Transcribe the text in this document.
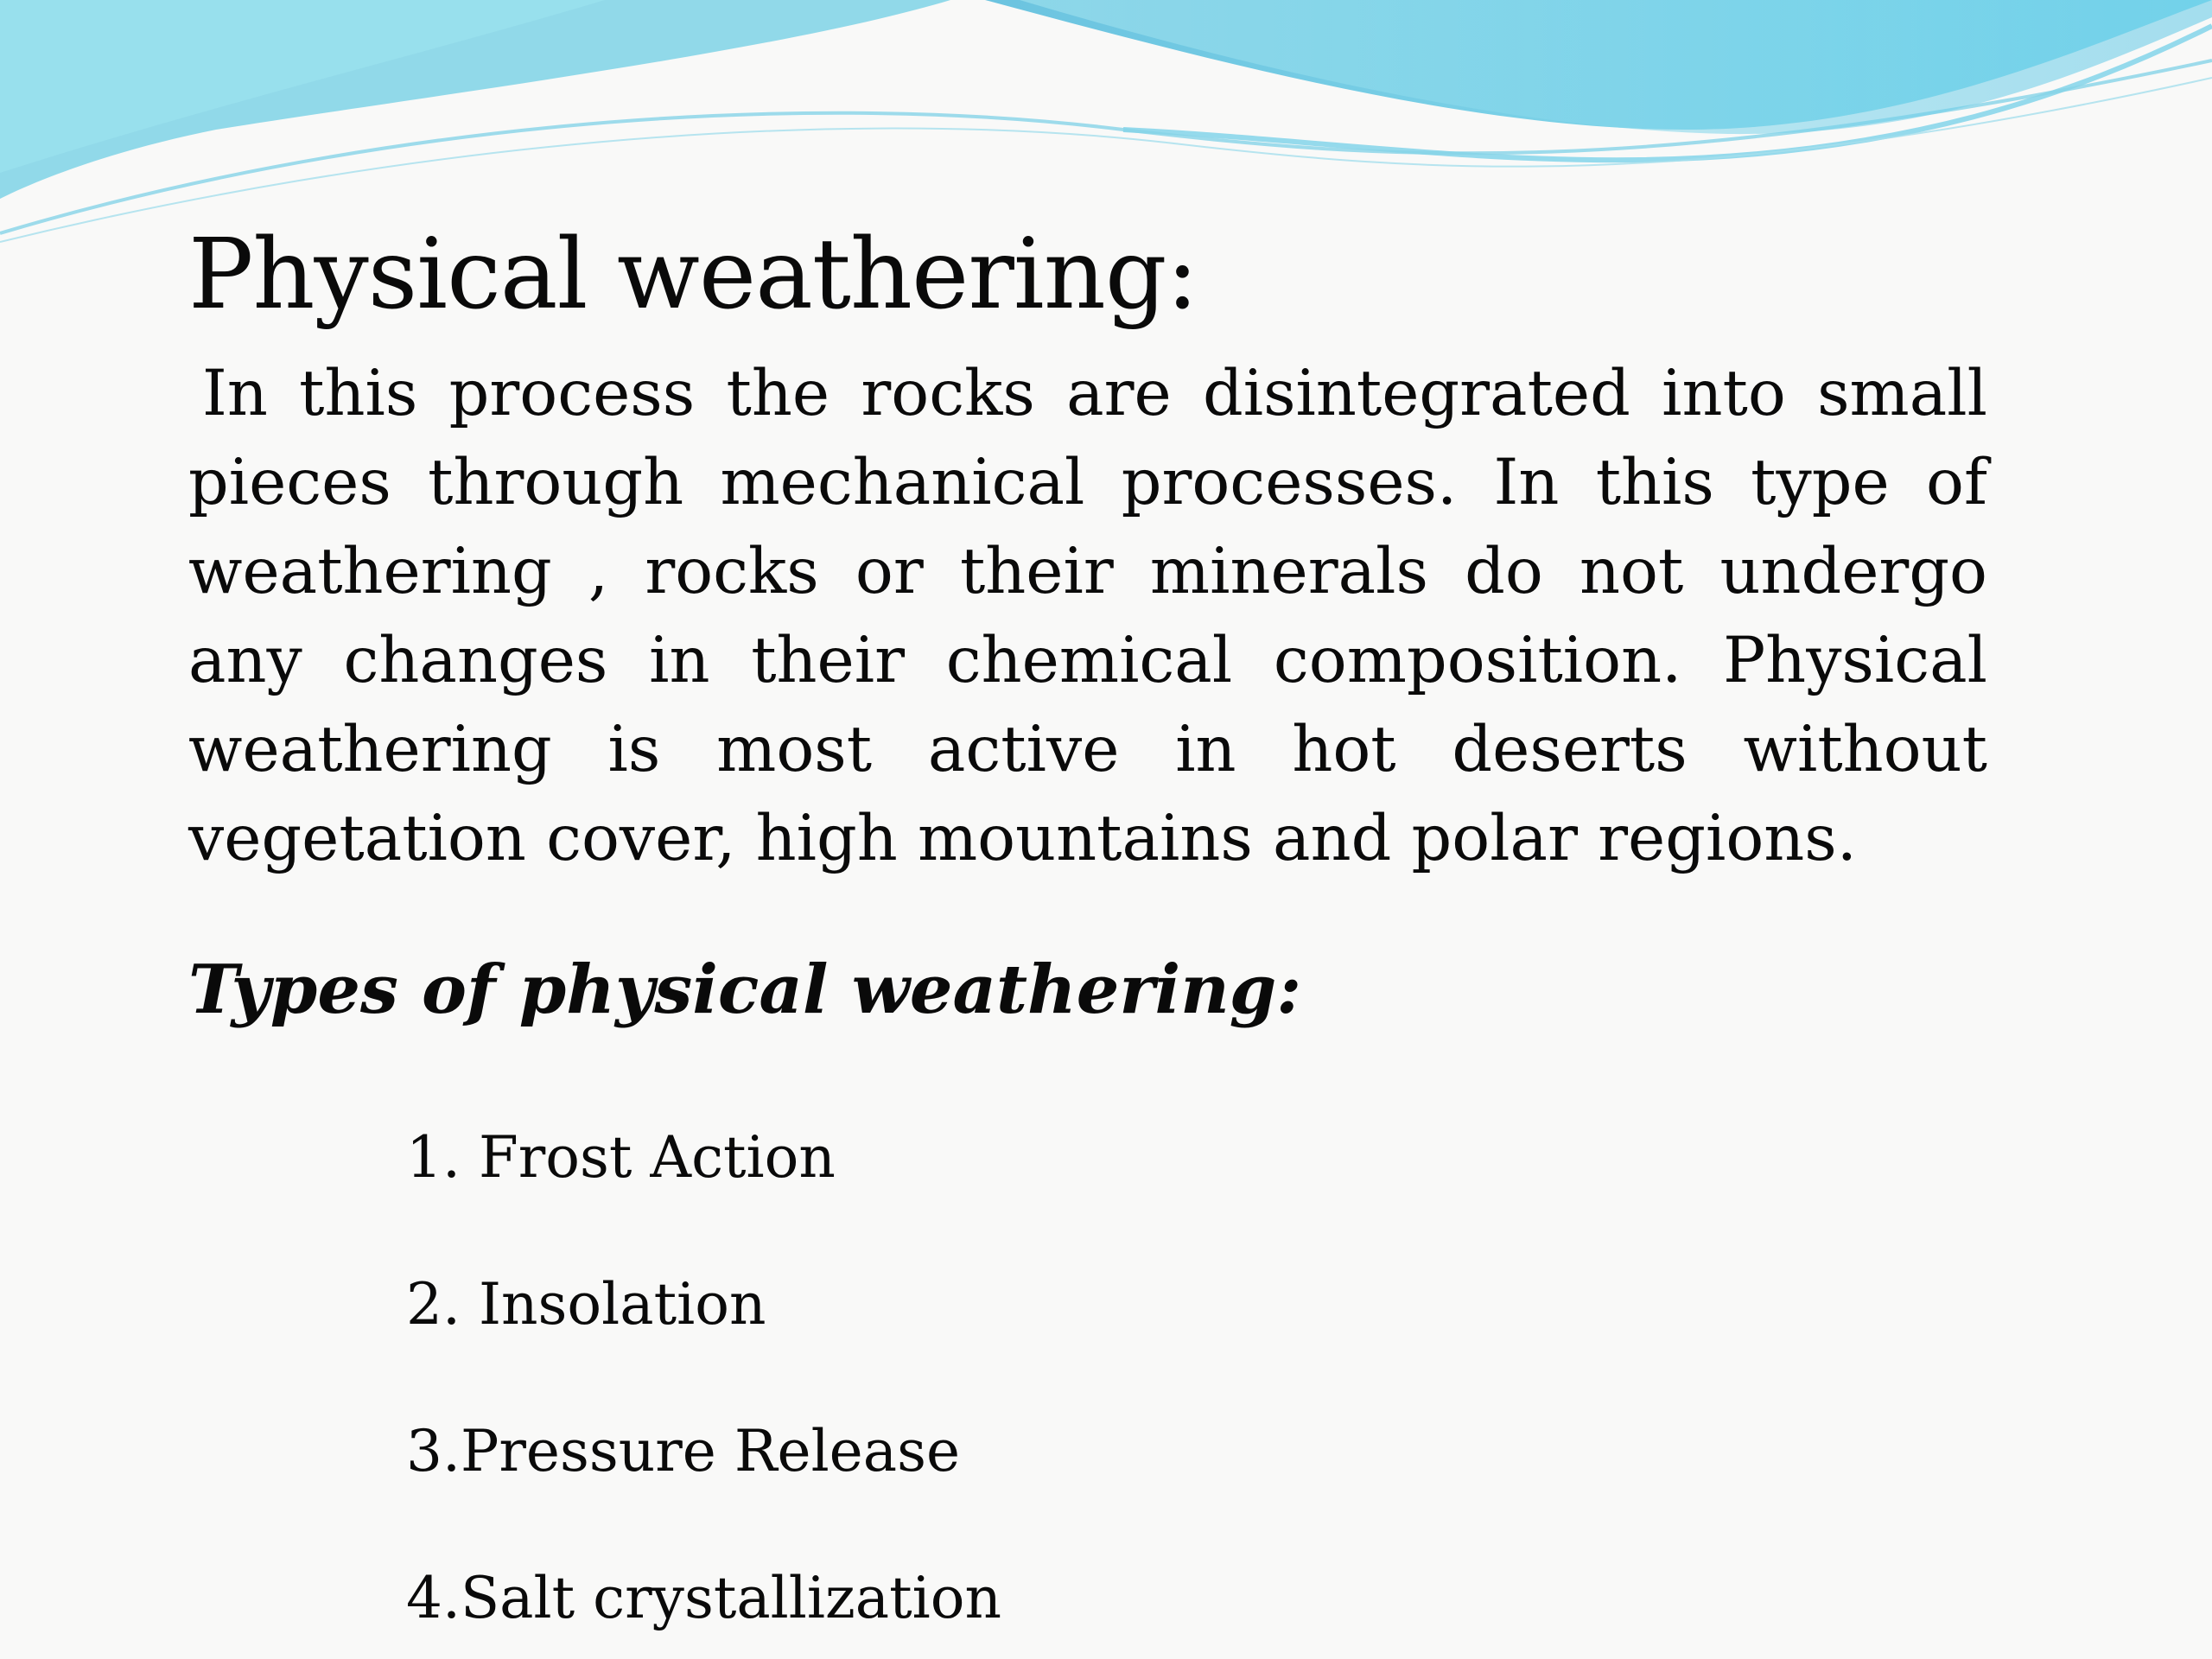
Physical weathering:

In this process the rocks are disintegrated into small pieces through mechanical processes. In this type of weathering , rocks or their minerals do not undergo any changes in their chemical composition. Physical weathering is most active in hot deserts without vegetation cover, high mountains and polar regions.

Types of physical weathering:
1. Frost Action
2. Insolation
3.Pressure Release
4.Salt crystallization
